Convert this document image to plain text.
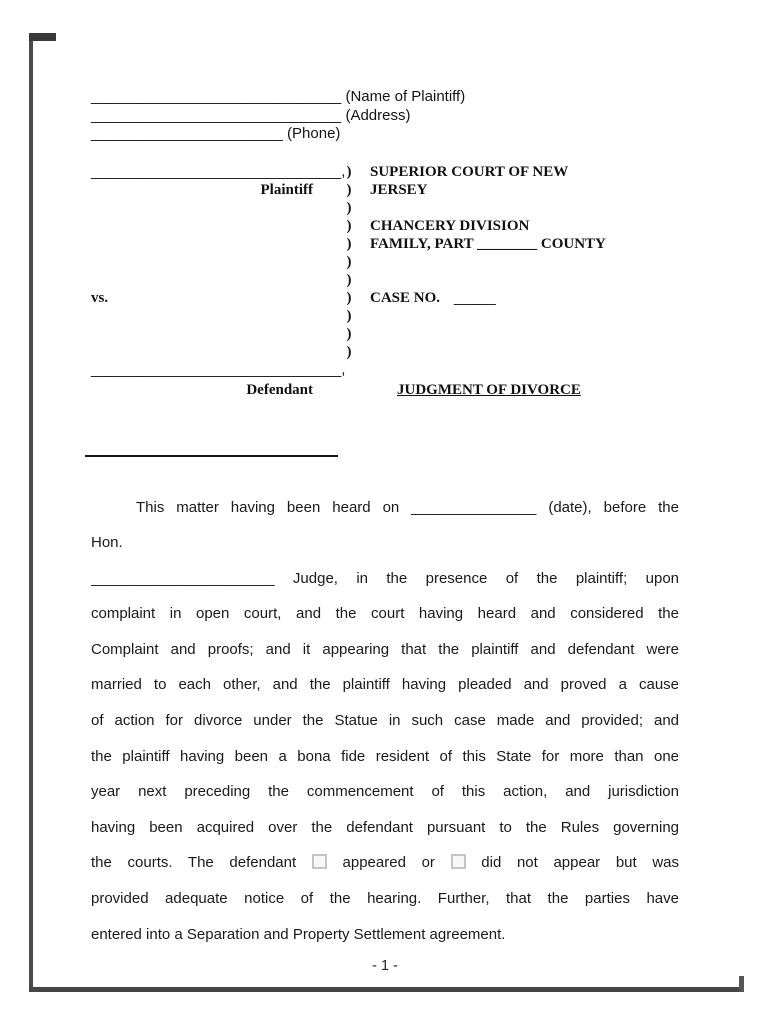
______________________________ (Name of Plaintiff)
______________________________ (Address)
_______________________ (Phone)
______________________________, )	SUPERIOR COURT OF NEW
Plaintiff	)	JERSEY
)
)	CHANCERY DIVISION
)	FAMILY, PART ________ COUNTY
)
)
vs.	)	CASE NO. _____
)
)
)
______________________________,
Defendant	JUDGMENT OF DIVORCE
This matter having been heard on _______________ (date), before the
Hon.
______________________ Judge, in the presence of the plaintiff; upon
complaint in open court, and the court having heard and considered the
Complaint and proofs; and it appearing that the plaintiff and defendant were
married to each other, and the plaintiff having pleaded and proved a cause
of action for divorce under the Statue in such case made and provided; and
the plaintiff having been a bona fide resident of this State for more than one
year next preceding the commencement of this action, and jurisdiction
having been acquired over the defendant pursuant to the Rules governing
the courts. The defendant	appeared or	did not appear but was
provided adequate notice of the hearing. Further, that the parties have
entered into a Separation and Property Settlement agreement.
- 1 -
